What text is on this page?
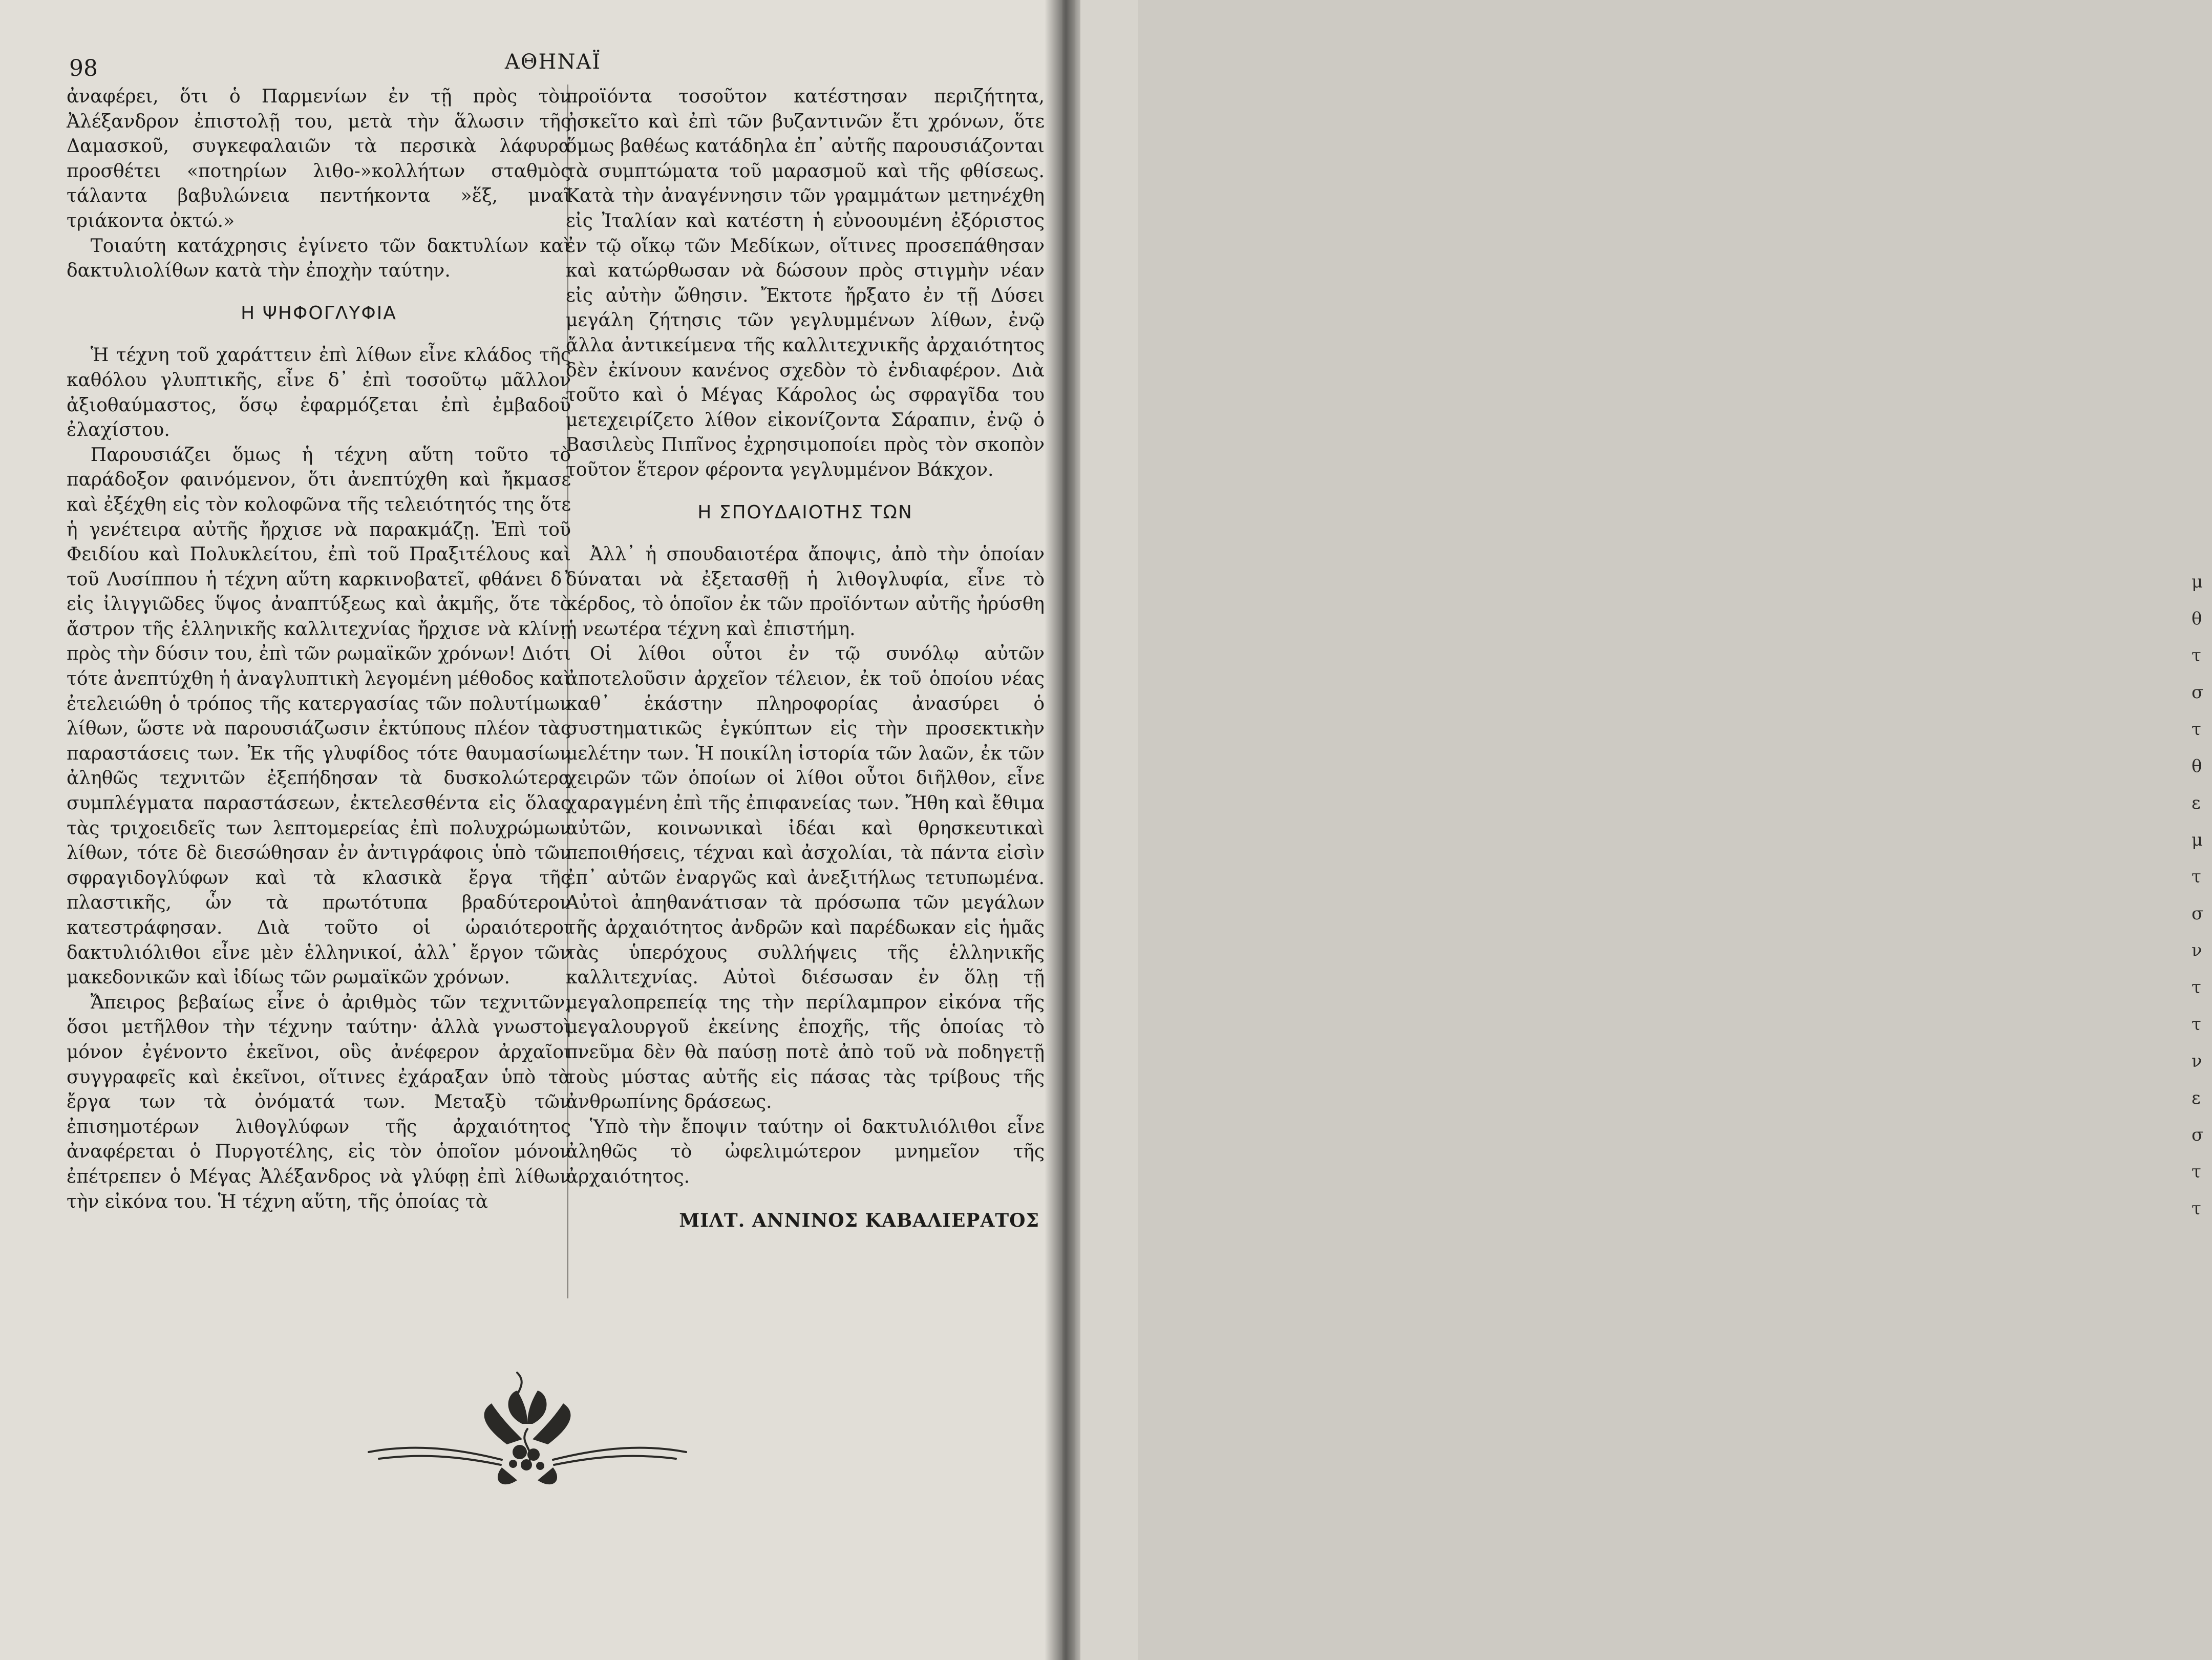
μ
θ
τ
σ
τ
θ
ε
μ
τ
σ
ν
τ
τ
ν
ε
σ
τ
τ
98	ΑΘΗΝΑΪ

ἀναφέρει, ὅτι ὁ Παρμενίων ἐν τῇ πρὸς τὸν Ἀλέξανδρον ἐπιστολῇ του, μετὰ τὴν ἅλωσιν τῆς Δαμασκοῦ, συγκεφαλαιῶν τὰ περσικὰ λάφυρα προσθέτει «ποτηρίων λιθο-»κολλήτων σταθμὸς τάλαντα βαβυλώνεια πεντήκοντα »ἕξ, μναῖ τριάκοντα ὀκτώ.»

Τοιαύτη κατάχρησις ἐγίνετο τῶν δακτυλίων καὶ δακτυλιολίθων κατὰ τὴν ἐποχὴν ταύτην.

Η ΨΗΦΟΓΛΥΦΙΑ

Ἡ τέχνη τοῦ χαράττειν ἐπὶ λίθων εἶνε κλάδος τῆς καθόλου γλυπτικῆς, εἶνε δ᾽ ἐπὶ τοσοῦτῳ μᾶλλον ἀξιοθαύμαστος, ὅσῳ ἐφαρμόζεται ἐπὶ ἐμβαδοῦ ἐλαχίστου.

Παρουσιάζει ὅμως ἡ τέχνη αὕτη τοῦτο τὸ παράδοξον φαινόμενον, ὅτι ἀνεπτύχθη καὶ ἤκμασε καὶ ἐξέχθη εἰς τὸν κολοφῶνα τῆς τελειότητός της ὅτε ἡ γενέτειρα αὐτῆς ἤρχισε νὰ παρακμάζῃ. Ἐπὶ τοῦ Φειδίου καὶ Πολυκλείτου, ἐπὶ τοῦ Πραξιτέλους καὶ τοῦ Λυσίππου ἡ τέχνη αὕτη καρκινοβατεῖ, φθάνει δ᾽ εἰς ἰλιγγιῶδες ὕψος ἀναπτύξεως καὶ ἀκμῆς, ὅτε τὸ ἄστρον τῆς ἑλληνικῆς καλλιτεχνίας ἤρχισε νὰ κλίνῃ πρὸς τὴν δύσιν του, ἐπὶ τῶν ρωμαϊκῶν χρόνων! Διότι τότε ἀνεπτύχθη ἡ ἀναγλυπτικὴ λεγομένη μέθοδος καὶ ἐτελειώθη ὁ τρόπος τῆς κατεργασίας τῶν πολυτίμων λίθων, ὥστε νὰ παρουσιάζωσιν ἐκτύπους πλέον τὰς παραστάσεις των. Ἐκ τῆς γλυφίδος τότε θαυμασίων ἀληθῶς τεχνιτῶν ἐξεπήδησαν τὰ δυσκολώτερα συμπλέγματα παραστάσεων, ἐκτελεσθέντα εἰς ὅλας τὰς τριχοειδεῖς των λεπτομερείας ἐπὶ πολυχρώμων λίθων, τότε δὲ διεσώθησαν ἐν ἀντιγράφοις ὑπὸ τῶν σφραγιδογλύφων καὶ τὰ κλασικὰ ἔργα τῆς πλαστικῆς, ὧν τὰ πρωτότυπα βραδύτερον κατεστράφησαν. Διὰ τοῦτο οἱ ὡραιότεροι δακτυλιόλιθοι εἶνε μὲν ἑλληνικοί, ἀλλ᾽ ἔργον τῶν μακεδονικῶν καὶ ἰδίως τῶν ρωμαϊκῶν χρόνων.

Ἄπειρος βεβαίως εἶνε ὁ ἀριθμὸς τῶν τεχνιτῶν, ὅσοι μετῆλθον τὴν τέχνην ταύτην· ἀλλὰ γνωστοὶ μόνον ἐγένοντο ἐκεῖνοι, οὓς ἀνέφερον ἀρχαῖοι συγγραφεῖς καὶ ἐκεῖνοι, οἵτινες ἐχάραξαν ὑπὸ τὰ ἔργα των τὰ ὀνόματά των. Μεταξὺ τῶν ἐπισημοτέρων λιθογλύφων τῆς ἀρχαιότητος ἀναφέρεται ὁ Πυργοτέλης, εἰς τὸν ὁποῖον μόνον ἐπέτρεπεν ὁ Μέγας Ἀλέξανδρος νὰ γλύφῃ ἐπὶ λίθων τὴν εἰκόνα του. Ἡ τέχνη αὕτη, τῆς ὁποίας τὰ

προϊόντα τοσοῦτον κατέστησαν περιζήτητα, ἠσκεῖτο καὶ ἐπὶ τῶν βυζαντινῶν ἔτι χρόνων, ὅτε ὅμως βαθέως κατάδηλα ἐπ᾽ αὐτῆς παρουσιάζονται τὰ συμπτώματα τοῦ μαρασμοῦ καὶ τῆς φθίσεως. Κατὰ τὴν ἀναγέννησιν τῶν γραμμάτων μετηνέχθη εἰς Ἰταλίαν καὶ κατέστη ἡ εὐνοουμένη ἐξόριστος ἐν τῷ οἴκῳ τῶν Μεδίκων, οἵτινες προσεπάθησαν καὶ κατώρθωσαν νὰ δώσουν πρὸς στιγμὴν νέαν εἰς αὐτὴν ὤθησιν. Ἔκτοτε ἤρξατο ἐν τῇ Δύσει μεγάλη ζήτησις τῶν γεγλυμμένων λίθων, ἐνῷ ἄλλα ἀντικείμενα τῆς καλλιτεχνικῆς ἀρχαιότητος δὲν ἐκίνουν κανένος σχεδὸν τὸ ἐνδιαφέρον. Διὰ τοῦτο καὶ ὁ Μέγας Κάρολος ὡς σφραγῖδα του μετεχειρίζετο λίθον εἰκονίζοντα Σάραπιν, ἐνῷ ὁ Βασιλεὺς Πιπῖνος ἐχρησιμοποίει πρὸς τὸν σκοπὸν τοῦτον ἕτερον φέροντα γεγλυμμένον Βάκχον.

Η ΣΠΟΥΔΑΙΟΤΗΣ ΤΩΝ

Ἀλλ᾽ ἡ σπουδαιοτέρα ἄποψις, ἀπὸ τὴν ὁποίαν δύναται νὰ ἐξετασθῇ ἡ λιθογλυφία, εἶνε τὸ κέρδος, τὸ ὁποῖον ἐκ τῶν προϊόντων αὐτῆς ἠρύσθη ἡ νεωτέρα τέχνη καὶ ἐπιστήμη.

Οἱ λίθοι οὗτοι ἐν τῷ συνόλῳ αὐτῶν ἀποτελοῦσιν ἀρχεῖον τέλειον, ἐκ τοῦ ὁποίου νέας καθ᾽ ἑκάστην πληροφορίας ἀνασύρει ὁ συστηματικῶς ἐγκύπτων εἰς τὴν προσεκτικὴν μελέτην των. Ἡ ποικίλη ἱστορία τῶν λαῶν, ἐκ τῶν χειρῶν τῶν ὁποίων οἱ λίθοι οὗτοι διῆλθον, εἶνε χαραγμένη ἐπὶ τῆς ἐπιφανείας των. Ἤθη καὶ ἔθιμα αὐτῶν, κοινωνικαὶ ἰδέαι καὶ θρησκευτικαὶ πεποιθήσεις, τέχναι καὶ ἀσχολίαι, τὰ πάντα εἰσὶν ἐπ᾽ αὐτῶν ἐναργῶς καὶ ἀνεξιτήλως τετυπωμένα. Αὐτοὶ ἀπηθανάτισαν τὰ πρόσωπα τῶν μεγάλων τῆς ἀρχαιότητος ἀνδρῶν καὶ παρέδωκαν εἰς ἡμᾶς τὰς ὑπερόχους συλλήψεις τῆς ἑλληνικῆς καλλιτεχνίας. Αὐτοὶ διέσωσαν ἐν ὅλῃ τῇ μεγαλοπρεπείᾳ της τὴν περίλαμπρον εἰκόνα τῆς μεγαλουργοῦ ἐκείνης ἐποχῆς, τῆς ὁποίας τὸ πνεῦμα δὲν θὰ παύσῃ ποτὲ ἀπὸ τοῦ νὰ ποδηγετῇ τοὺς μύστας αὐτῆς εἰς πάσας τὰς τρίβους τῆς ἀνθρωπίνης δράσεως.

Ὑπὸ τὴν ἔποψιν ταύτην οἱ δακτυλιόλιθοι εἶνε ἀληθῶς τὸ ὠφελιμώτερον μνημεῖον τῆς ἀρχαιότητος.

ΜΙΛΤ. ΑΝΝΙΝΟΣ ΚΑΒΑΛΙΕΡΑΤΟΣ
